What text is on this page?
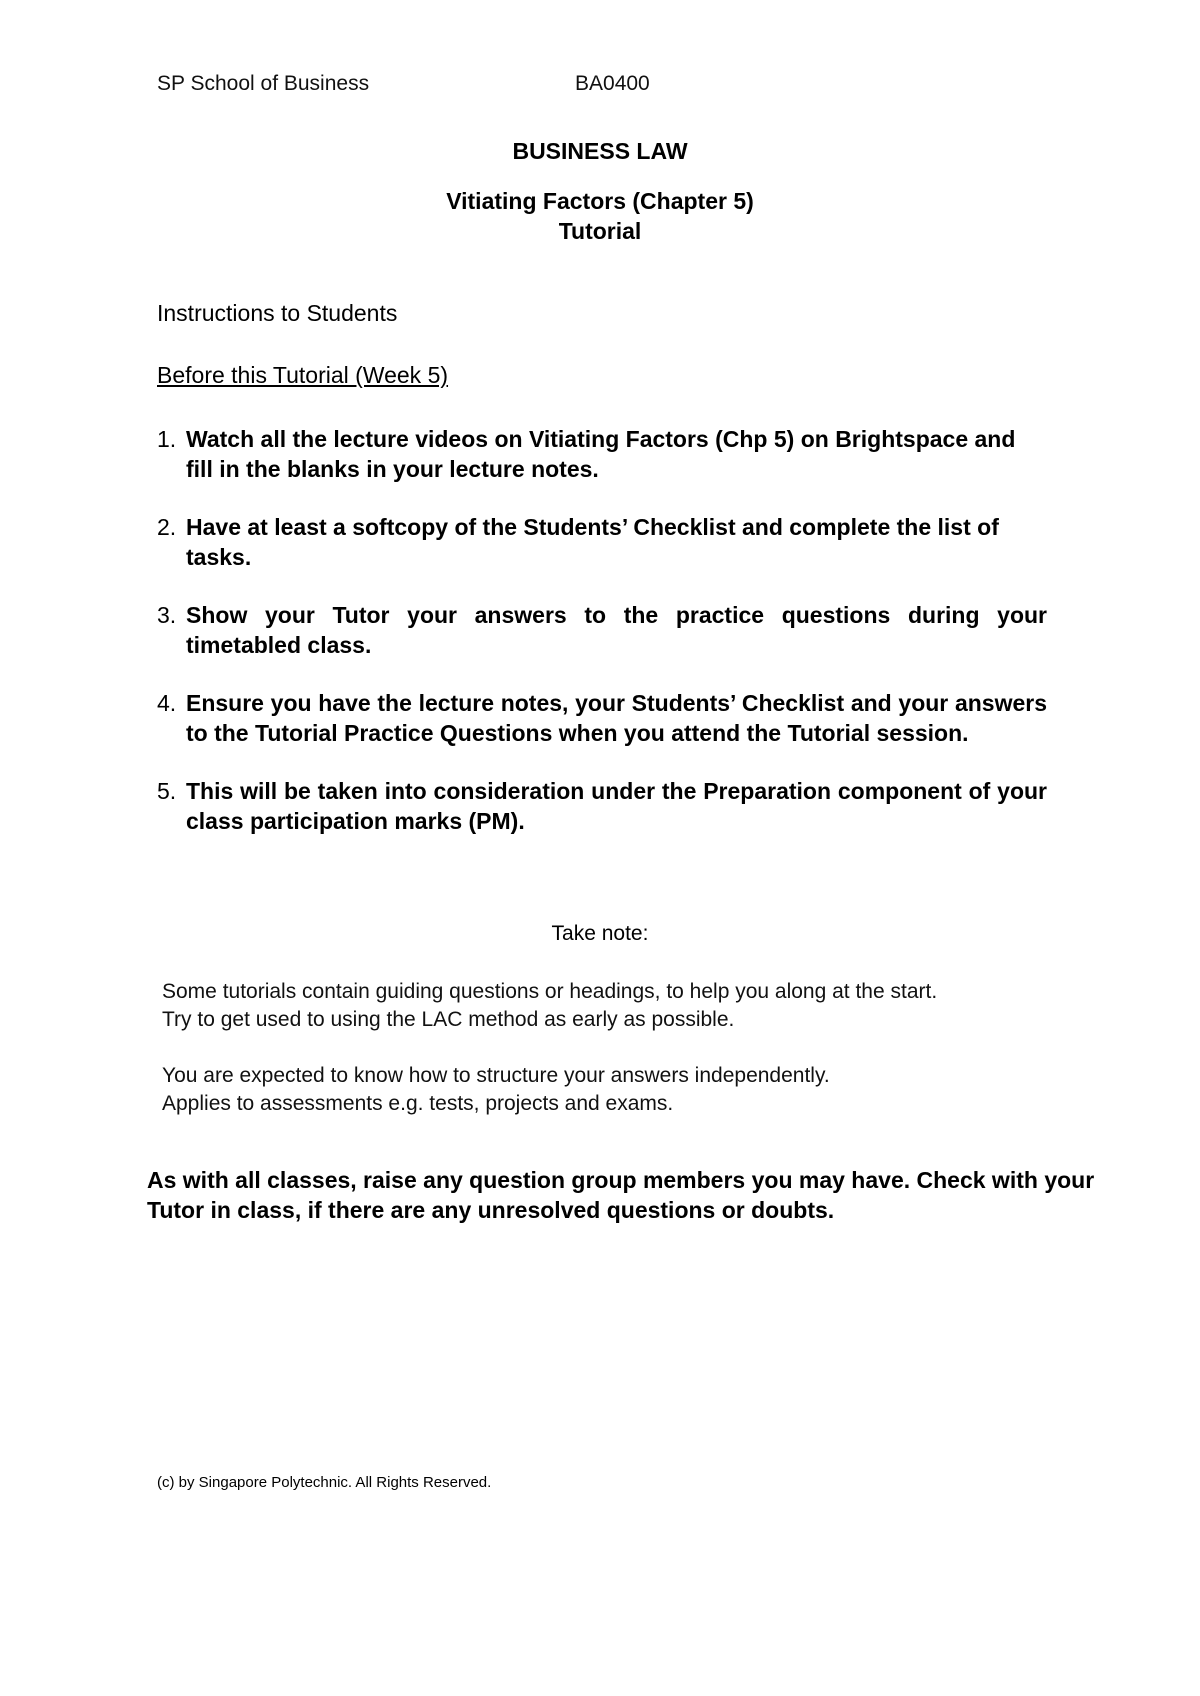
SP School of Business	BA0400
BUSINESS LAW
Vitiating Factors (Chapter 5)
Tutorial
Instructions to Students
Before this Tutorial (Week 5)
1. Watch all the lecture videos on Vitiating Factors (Chp 5) on Brightspace and fill in the blanks in your lecture notes.
2. Have at least a softcopy of the Students’ Checklist and complete the list of tasks.
3. Show your Tutor your answers to the practice questions during your timetabled class.
4. Ensure you have the lecture notes, your Students’ Checklist and your answers to the Tutorial Practice Questions when you attend the Tutorial session.
5. This will be taken into consideration under the Preparation component of your class participation marks (PM).
Take note:
Some tutorials contain guiding questions or headings, to help you along at the start.
Try to get used to using the LAC method as early as possible.
You are expected to know how to structure your answers independently.
Applies to assessments e.g. tests, projects and exams.
As with all classes, raise any question group members you may have. Check with your Tutor in class, if there are any unresolved questions or doubts.
(c) by Singapore Polytechnic. All Rights Reserved.
